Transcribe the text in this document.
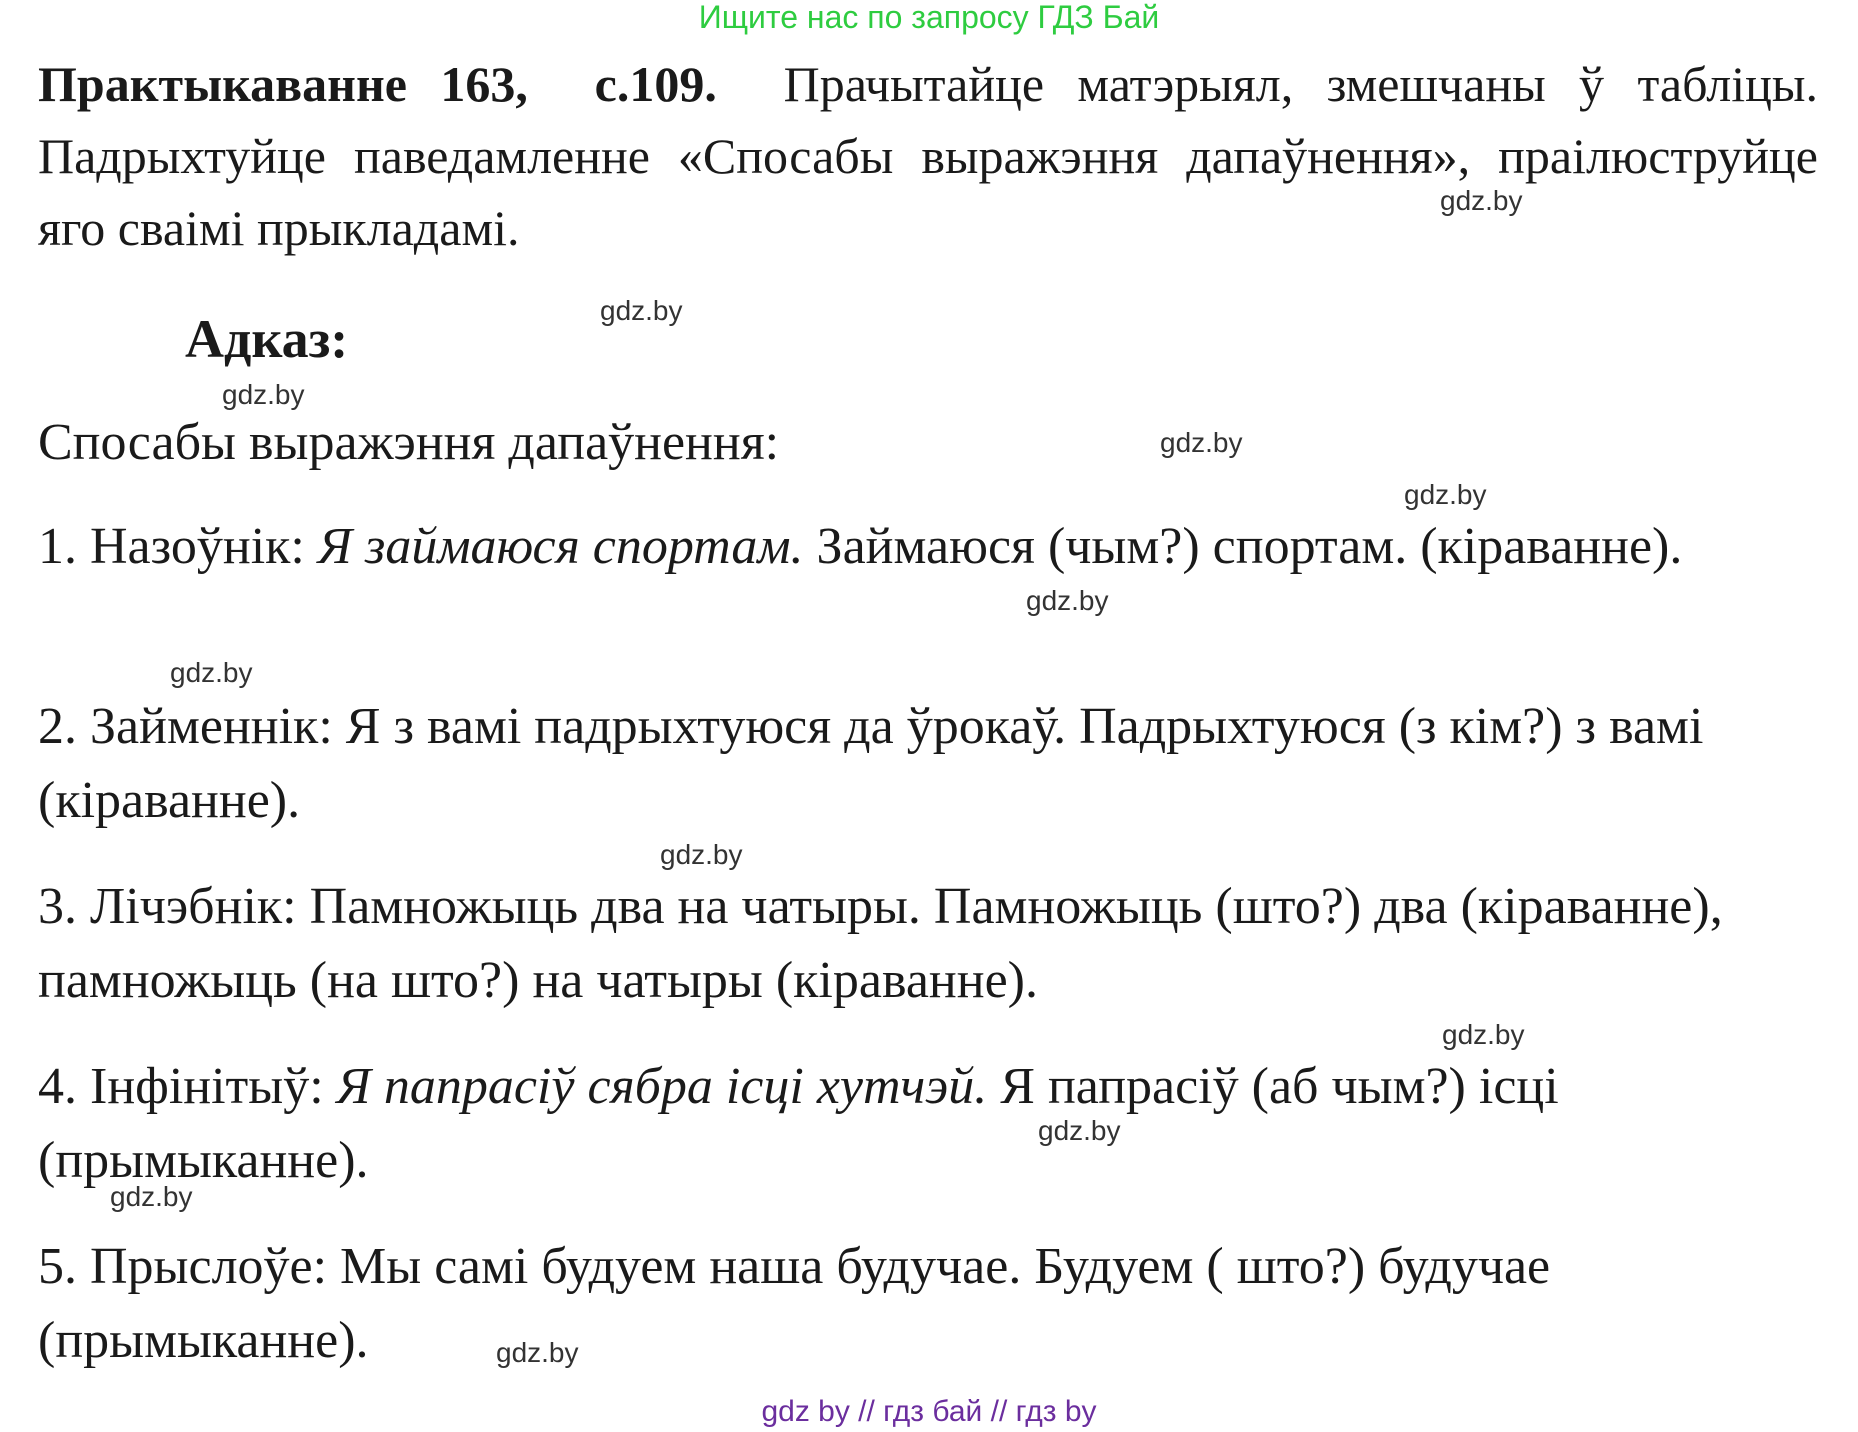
Ищите нас по запросу ГДЗ Бай

Практыкаванне 163, с.109. Прачытайце матэрыял, змешчаны ў табліцы. Падрыхтуйце паведамленне «Спосабы выражэння дапаўнення», праілюструйце яго сваімі прыкладамі.

Адказ:

Спосабы выражэння дапаўнення:

1. Назоўнік: Я займаюся спортам. Займаюся (чым?) спортам. (кіраванне).

2. Займеннік: Я з вамі падрыхтуюся да ўрокаў. Падрыхтуюся (з кім?) з вамі (кіраванне).

3. Лічэбнік: Памножыць два на чатыры. Памножыць (што?) два (кіраванне), памножыць (на што?) на чатыры (кіраванне).

4. Інфінітыў: Я папрасіў сябра ісці хутчэй. Я папрасіў (аб чым?) ісці (прымыканне).

5. Прыслоўе: Мы самі будуем наша будучае. Будуем ( што?) будучае (прымыканне).

gdz.by
gdz.by
gdz.by
gdz.by
gdz.by
gdz.by
gdz.by
gdz.by
gdz.by
gdz.by
gdz.by
gdz.by
gdz by // гдз бай // гдз by
